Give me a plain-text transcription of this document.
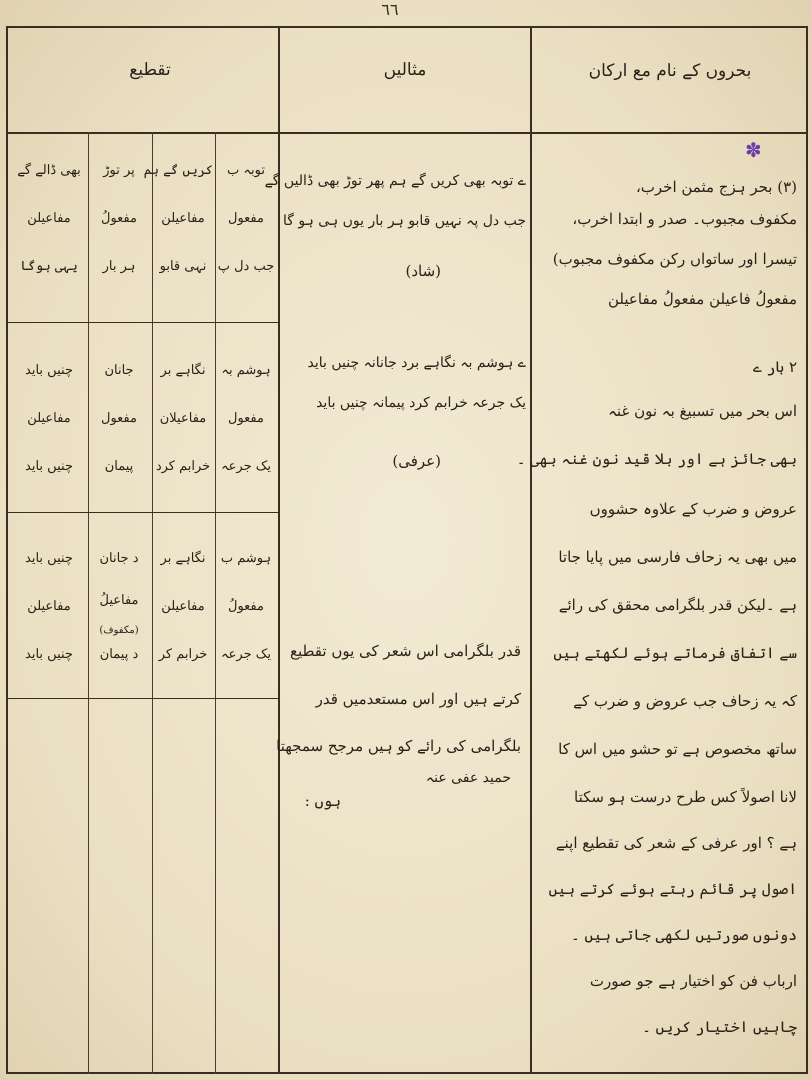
٦٦
تقطیع	مثالیں	بحروں کے نام مع ارکان
✽
(۳) بحر ہزج مثمن اخرب،
مکفوف مجبوب۔ صدر و ابتدا اخرب،
تیسرا اور ساتواں رکن مکفوف مجبوب)
مفعولُ فاعیلن مفعولُ مفاعیلن
۲ بار ے
اس بحر میں تسبیغ بہ نون غنہ
بھی جائز ہے اور بلا قید نون غنہ بھی ۔
عروض و ضرب کے علاوہ حشووں
میں بھی یہ زحاف فارسی میں پایا جاتا
ہے ۔لیکن قدر بلگرامی محقق کی رائے
سے اتفاق فرماتے ہوئے لکھتے ہیں
کہ یہ زحاف جب عروض و ضرب کے
ساتھ مخصوص ہے تو حشو میں اس کا
لانا اصولاً کس طرح درست ہو سکتا
ہے ؟ اور عرفی کے شعر کی تقطیع اپنے
اصول پر قائم رہتے ہوئے کرتے ہیں
دونوں صورتیں لکھی جاتی ہیں ۔
ارباب فن کو اختیار ہے جو صورت
چاہیں اختیار کریں ۔
ے توبہ بھی کریں گے ہم پھر توڑ بھی ڈالیں گے
جب دل پہ نہیں قابو ہر بار یوں ہی ہو گا
(شاد)
ے ہوشم بہ نگاہے برد جانانہ چنیں باید
یک جرعہ خرابم کرد پیمانہ چنیں باید
(عرفی)
قدر بلگرامی اس شعر کی یوں تقطیع
کرتے ہیں اور اس مستعدمیں قدر
بلگرامی کی رائے کو ہیں مرجح سمجھتا
ہوں :
حمید عفی عنہ
توبہ ب
مفعول
جب دل پ
کریں گے ہم
مفاعیلن
نہی قابو
پر توڑ
مفعولُ
ہر بار
بھی ڈالے گے
مفاعیلن
یہی ہوگا
ہوشم بہ
مفعول
یک جرعہ
نگاہے بر
مفاعیلان
خرابم کرد
جانان
مفعول
پیمان
چنیں باید
مفاعیلن
چنیں باید
ہوشم ب
مفعولُ
یک جرعہ
نگاہے بر
مفاعیلن
خرابم کر
د جانان
مفاعیلُ
(مکفوف)
د پیمان
چنیں باید
مفاعیلن
چنیں باید
